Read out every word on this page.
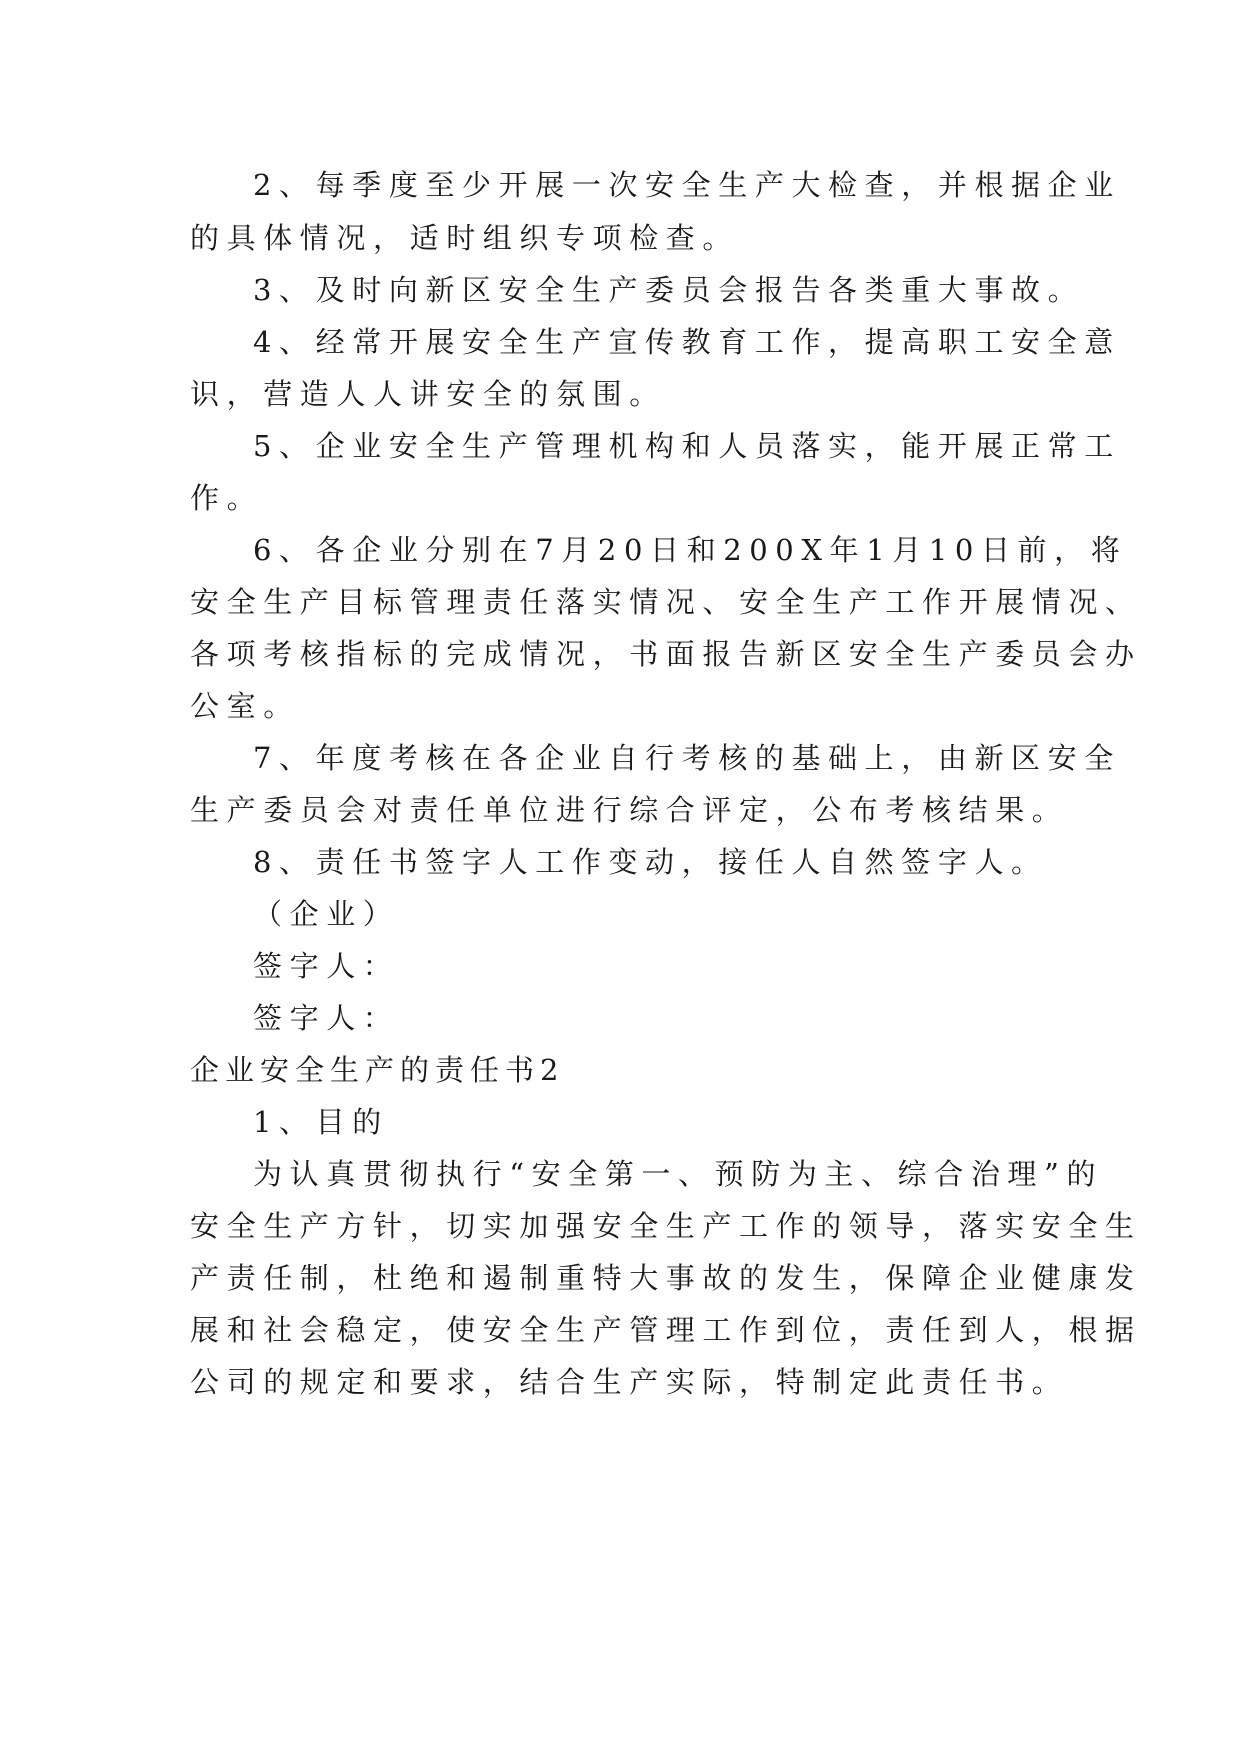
2、每季度至少开展一次安全生产大检查，并根据企业
的具体情况，适时组织专项检查。
3、及时向新区安全生产委员会报告各类重大事故。
4、经常开展安全生产宣传教育工作，提高职工安全意
识，营造人人讲安全的氛围。
5、企业安全生产管理机构和人员落实，能开展正常工
作。
6、各企业分别在7月20日和200X年1月10日前，将
安全生产目标管理责任落实情况、安全生产工作开展情况、
各项考核指标的完成情况，书面报告新区安全生产委员会办
公室。
7、年度考核在各企业自行考核的基础上，由新区安全
生产委员会对责任单位进行综合评定，公布考核结果。
8、责任书签字人工作变动，接任人自然签字人。
（企业）
签字人：
签字人：
企业安全生产的责任书2
1、目的
为认真贯彻执行“安全第一、预防为主、综合治理”的
安全生产方针，切实加强安全生产工作的领导，落实安全生
产责任制，杜绝和遏制重特大事故的发生，保障企业健康发
展和社会稳定，使安全生产管理工作到位，责任到人，根据
公司的规定和要求，结合生产实际，特制定此责任书。
